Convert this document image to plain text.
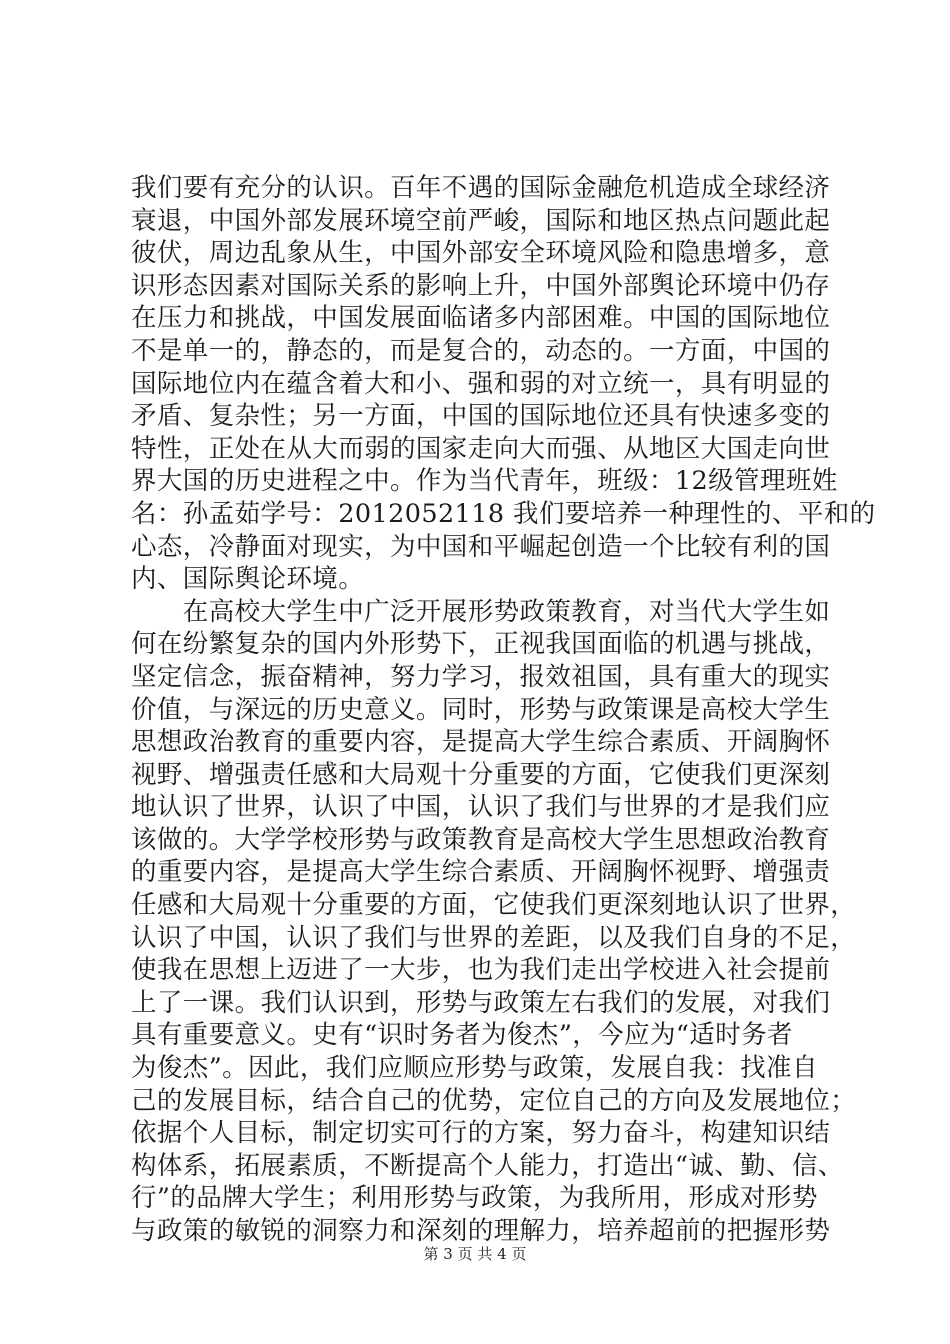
我们要有充分的认识。百年不遇的国际金融危机造成全球经济
衰退，中国外部发展环境空前严峻，国际和地区热点问题此起
彼伏，周边乱象从生，中国外部安全环境风险和隐患增多，意
识形态因素对国际关系的影响上升，中国外部舆论环境中仍存
在压力和挑战，中国发展面临诸多内部困难。中国的国际地位
不是单一的，静态的，而是复合的，动态的。一方面，中国的
国际地位内在蕴含着大和小、强和弱的对立统一，具有明显的
矛盾、复杂性；另一方面，中国的国际地位还具有快速多变的
特性，正处在从大而弱的国家走向大而强、从地区大国走向世
界大国的历史进程之中。作为当代青年，班级：12级管理班姓
名：孙孟茹学号：2012052118 我们要培养一种理性的、平和的
心态，冷静面对现实，为中国和平崛起创造一个比较有利的国
内、国际舆论环境。
　　在高校大学生中广泛开展形势政策教育，对当代大学生如
何在纷繁复杂的国内外形势下，正视我国面临的机遇与挑战，
坚定信念，振奋精神，努力学习，报效祖国，具有重大的现实
价值，与深远的历史意义。同时，形势与政策课是高校大学生
思想政治教育的重要内容，是提高大学生综合素质、开阔胸怀
视野、增强责任感和大局观十分重要的方面，它使我们更深刻
地认识了世界，认识了中国，认识了我们与世界的才是我们应
该做的。大学学校形势与政策教育是高校大学生思想政治教育
的重要内容，是提高大学生综合素质、开阔胸怀视野、增强责
任感和大局观十分重要的方面，它使我们更深刻地认识了世界，
认识了中国，认识了我们与世界的差距，以及我们自身的不足，
使我在思想上迈进了一大步，也为我们走出学校进入社会提前
上了一课。我们认识到，形势与政策左右我们的发展，对我们
具有重要意义。史有“识时务者为俊杰”，今应为“适时务者
为俊杰”。因此，我们应顺应形势与政策，发展自我：找准自
己的发展目标，结合自己的优势，定位自己的方向及发展地位；
依据个人目标，制定切实可行的方案，努力奋斗，构建知识结
构体系，拓展素质，不断提高个人能力，打造出“诚、勤、信、
行”的品牌大学生；利用形势与政策，为我所用，形成对形势
与政策的敏锐的洞察力和深刻的理解力，培养超前的把握形势
第 3 页 共 4 页
